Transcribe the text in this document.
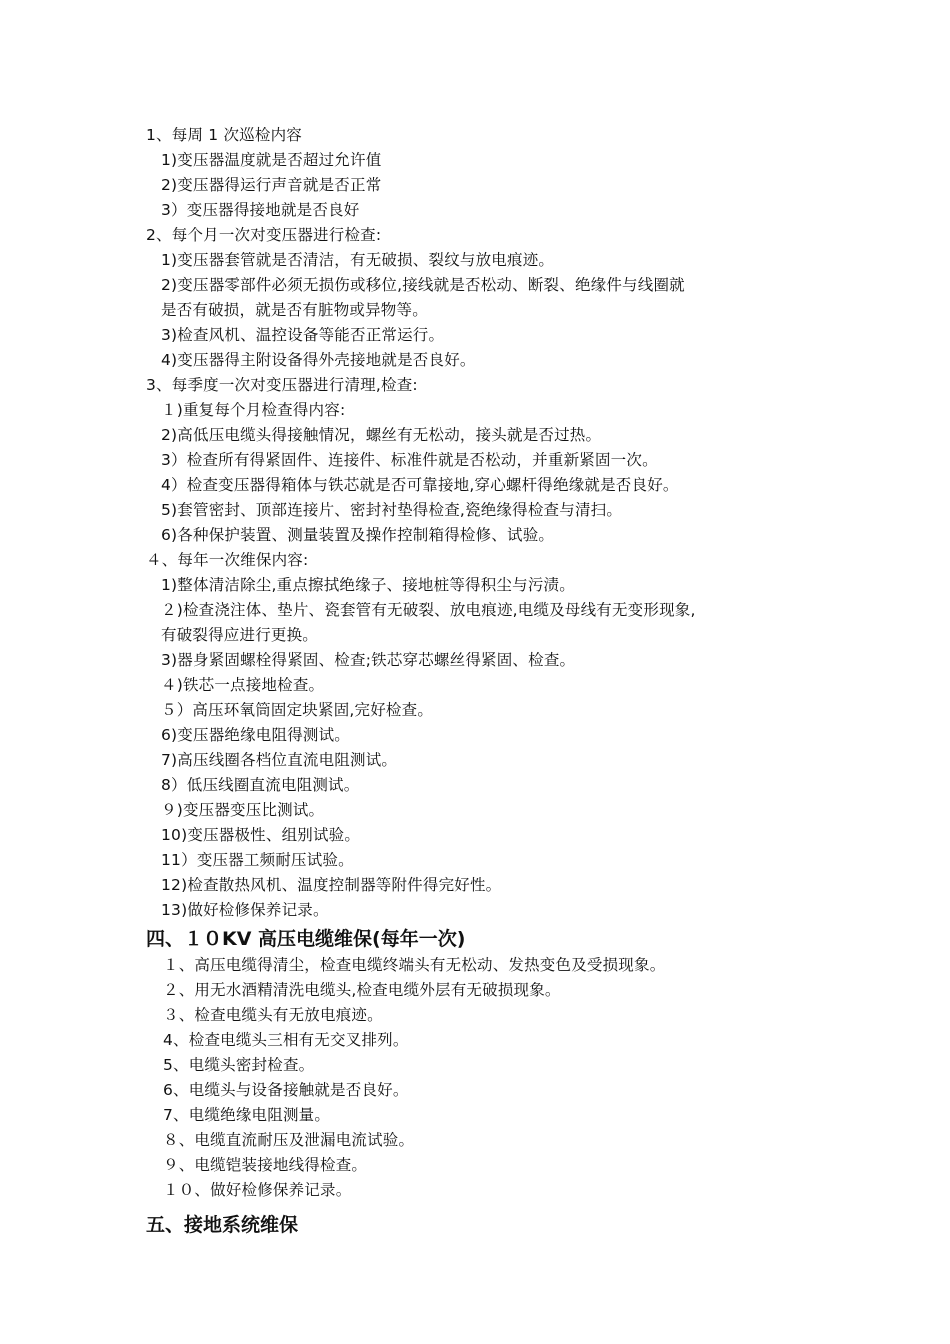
1、每周 1 次巡检内容
1)变压器温度就是否超过允许值
2)变压器得运行声音就是否正常
3）变压器得接地就是否良好
2、每个月一次对变压器进行检查:
1)变压器套管就是否清洁，有无破损、裂纹与放电痕迹。
2)变压器零部件必须无损伤或移位,接线就是否松动、断裂、绝缘件与线圈就
是否有破损，就是否有脏物或异物等。
3)检查风机、温控设备等能否正常运行。
4)变压器得主附设备得外壳接地就是否良好。
3、每季度一次对变压器进行清理,检查:
１)重复每个月检查得内容:
2)高低压电缆头得接触情况，螺丝有无松动，接头就是否过热。
3）检查所有得紧固件、连接件、标准件就是否松动，并重新紧固一次。
4）检查变压器得箱体与铁芯就是否可靠接地,穿心螺杆得绝缘就是否良好。
5)套管密封、顶部连接片、密封衬垫得检查,瓷绝缘得检查与清扫。
6)各种保护装置、测量装置及操作控制箱得检修、试验。
４、每年一次维保内容:
1)整体清洁除尘,重点擦拭绝缘子、接地桩等得积尘与污渍。
２)检查浇注体、垫片、瓷套管有无破裂、放电痕迹,电缆及母线有无变形现象,
有破裂得应进行更换。
3)器身紧固螺栓得紧固、检查;铁芯穿芯螺丝得紧固、检查。
４)铁芯一点接地检查。
５）高压环氧筒固定块紧固,完好检查。
6)变压器绝缘电阻得测试。
7)高压线圈各档位直流电阻测试。
8）低压线圈直流电阻测试。
９)变压器变压比测试。
10)变压器极性、组别试验。
11）变压器工频耐压试验。
12)检查散热风机、温度控制器等附件得完好性。
13)做好检修保养记录。
四、１０KV 高压电缆维保(每年一次)
１、高压电缆得清尘，检查电缆终端头有无松动、发热变色及受损现象。
２、用无水酒精清洗电缆头,检查电缆外层有无破损现象。
３、检查电缆头有无放电痕迹。
4、检查电缆头三相有无交叉排列。
5、电缆头密封检查。
6、电缆头与设备接触就是否良好。
7、电缆绝缘电阻测量。
８、电缆直流耐压及泄漏电流试验。
９、电缆铠装接地线得检查。
１０、做好检修保养记录。
五、接地系统维保
